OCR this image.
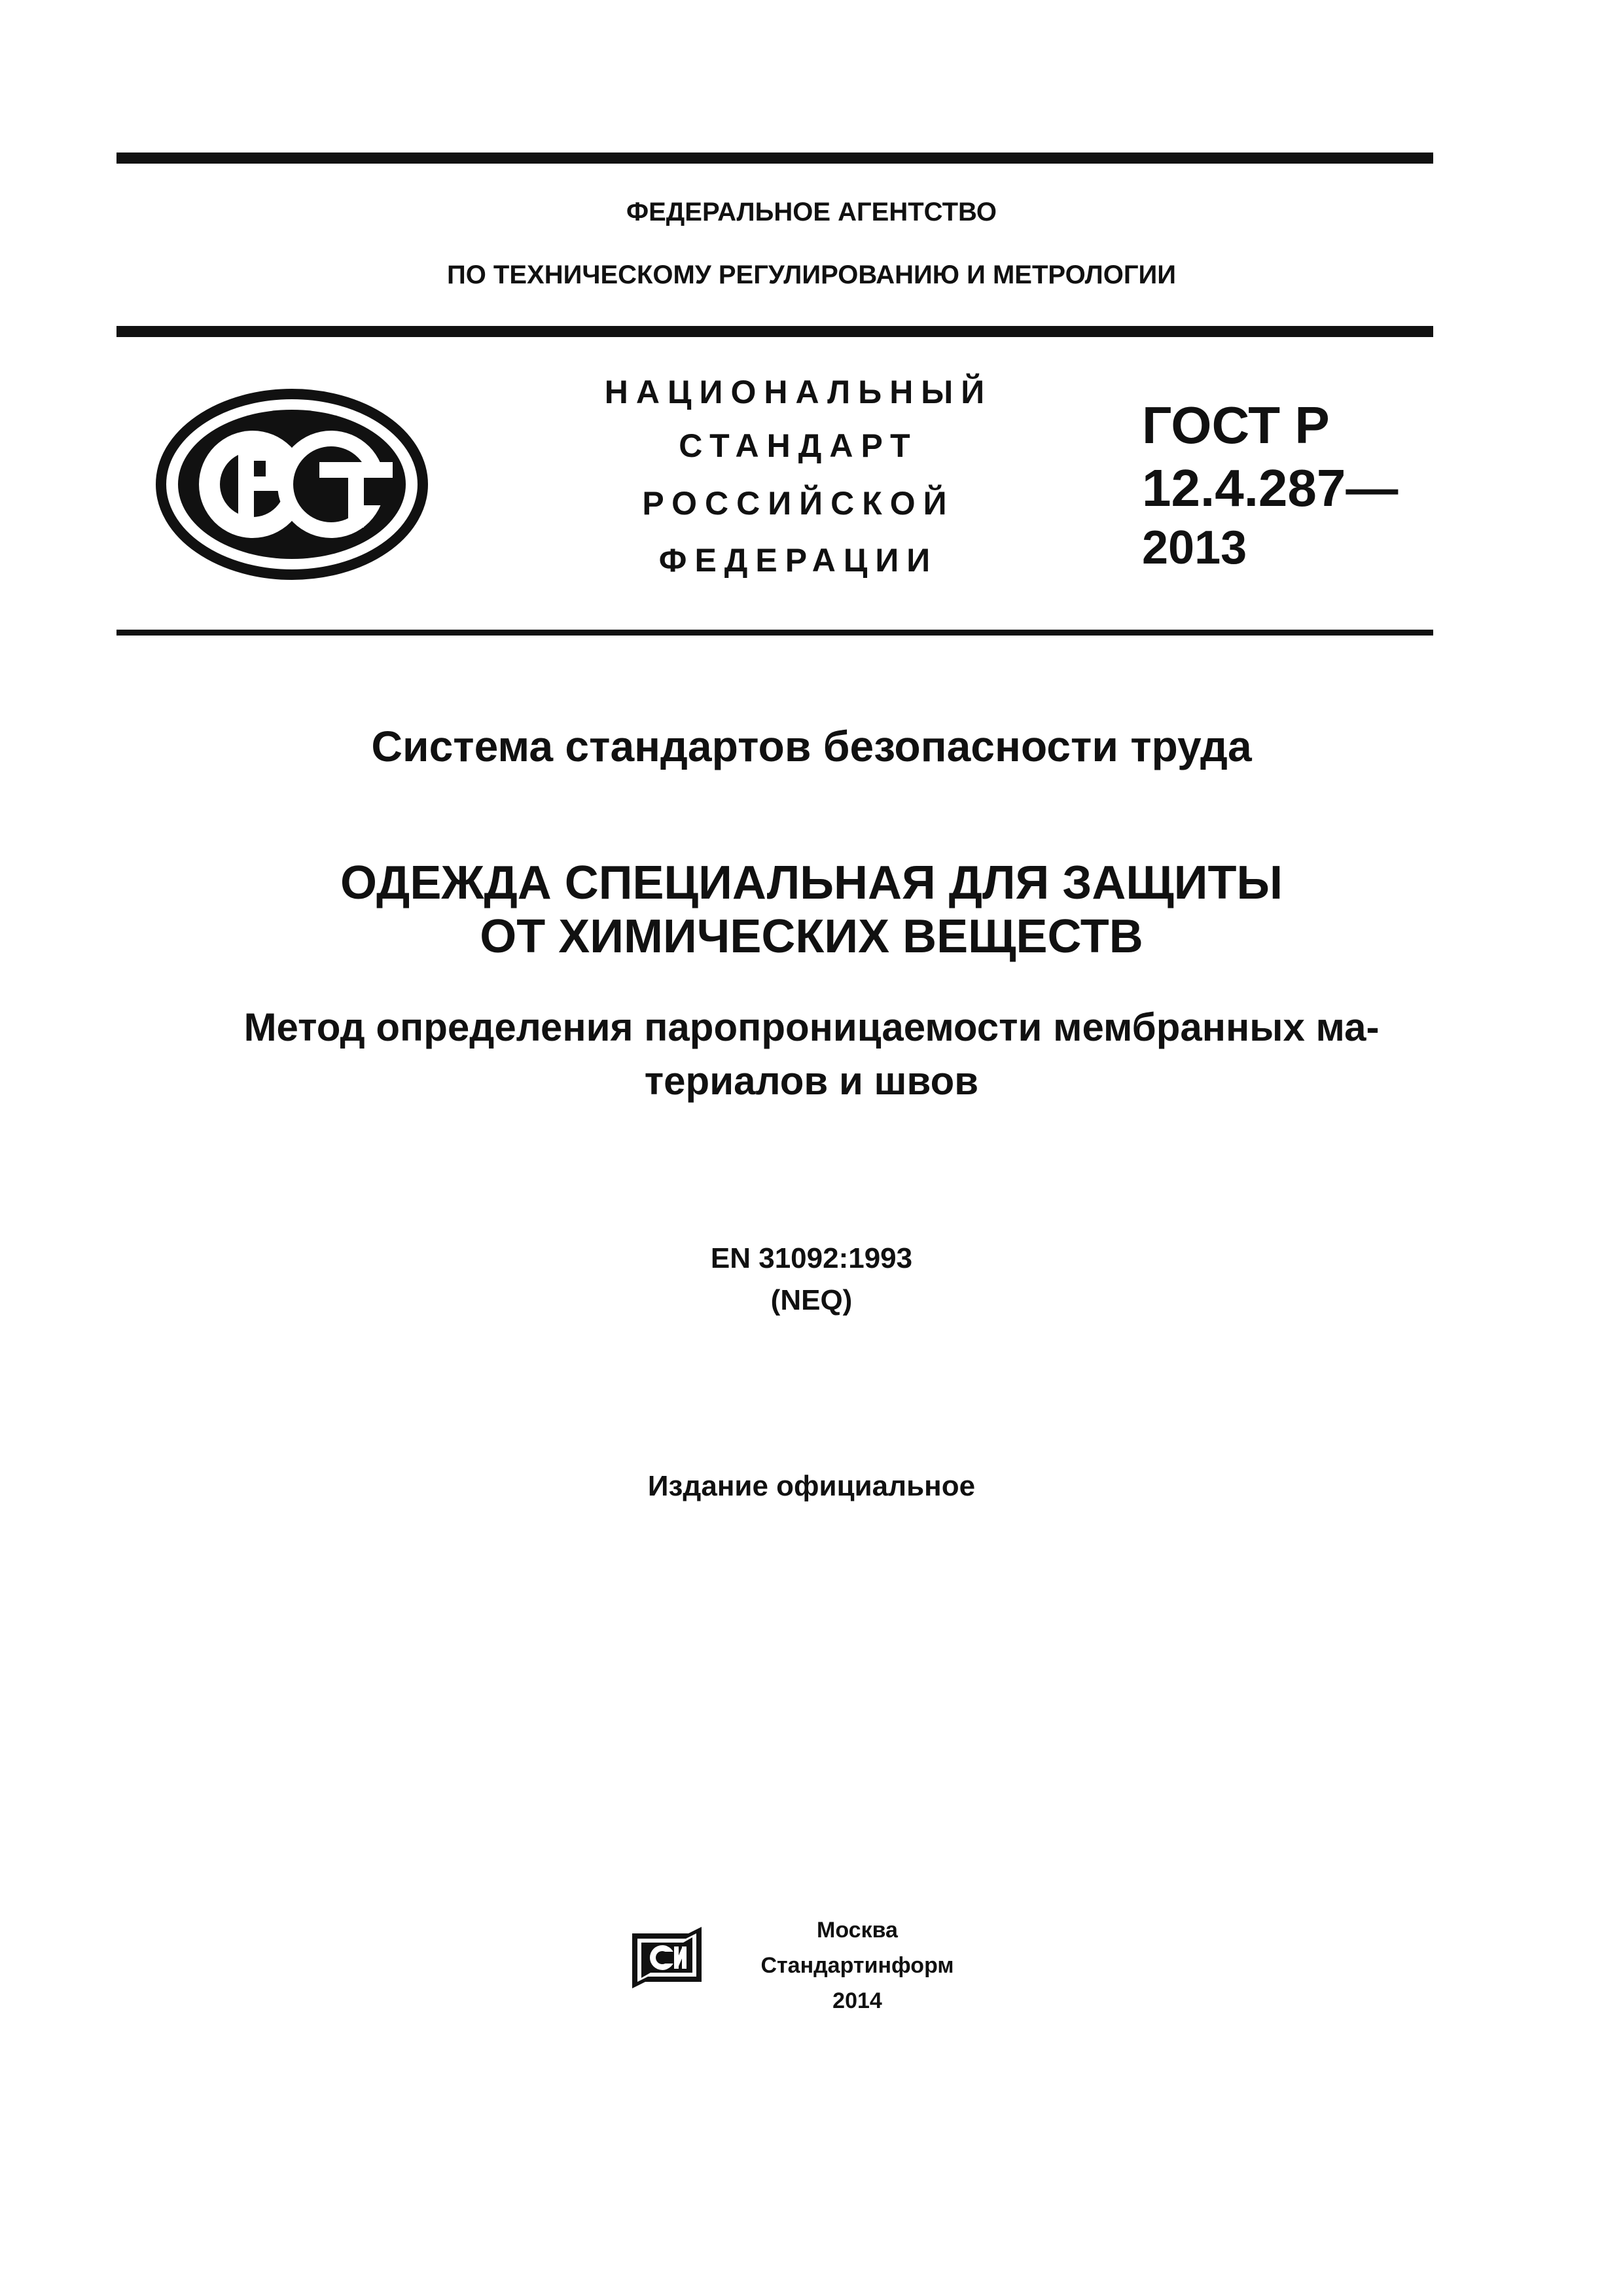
ФЕДЕРАЛЬНОЕ АГЕНТСТВО

ПО ТЕХНИЧЕСКОМУ РЕГУЛИРОВАНИЮ И МЕТРОЛОГИИ

НАЦИОНАЛЬНЫЙ

СТАНДАРТ

РОССИЙСКОЙ

ФЕДЕРАЦИИ

ГОСТ Р

12.4.287—

2013

Система стандартов безопасности труда

ОДЕЖДА СПЕЦИАЛЬНАЯ ДЛЯ ЗАЩИТЫ

ОТ ХИМИЧЕСКИХ ВЕЩЕСТВ

Метод определения паропроницаемости мембранных ма-

териалов и швов

EN 31092:1993

(NEQ)

Издание официальное

Москва

Стандартинформ

2014
